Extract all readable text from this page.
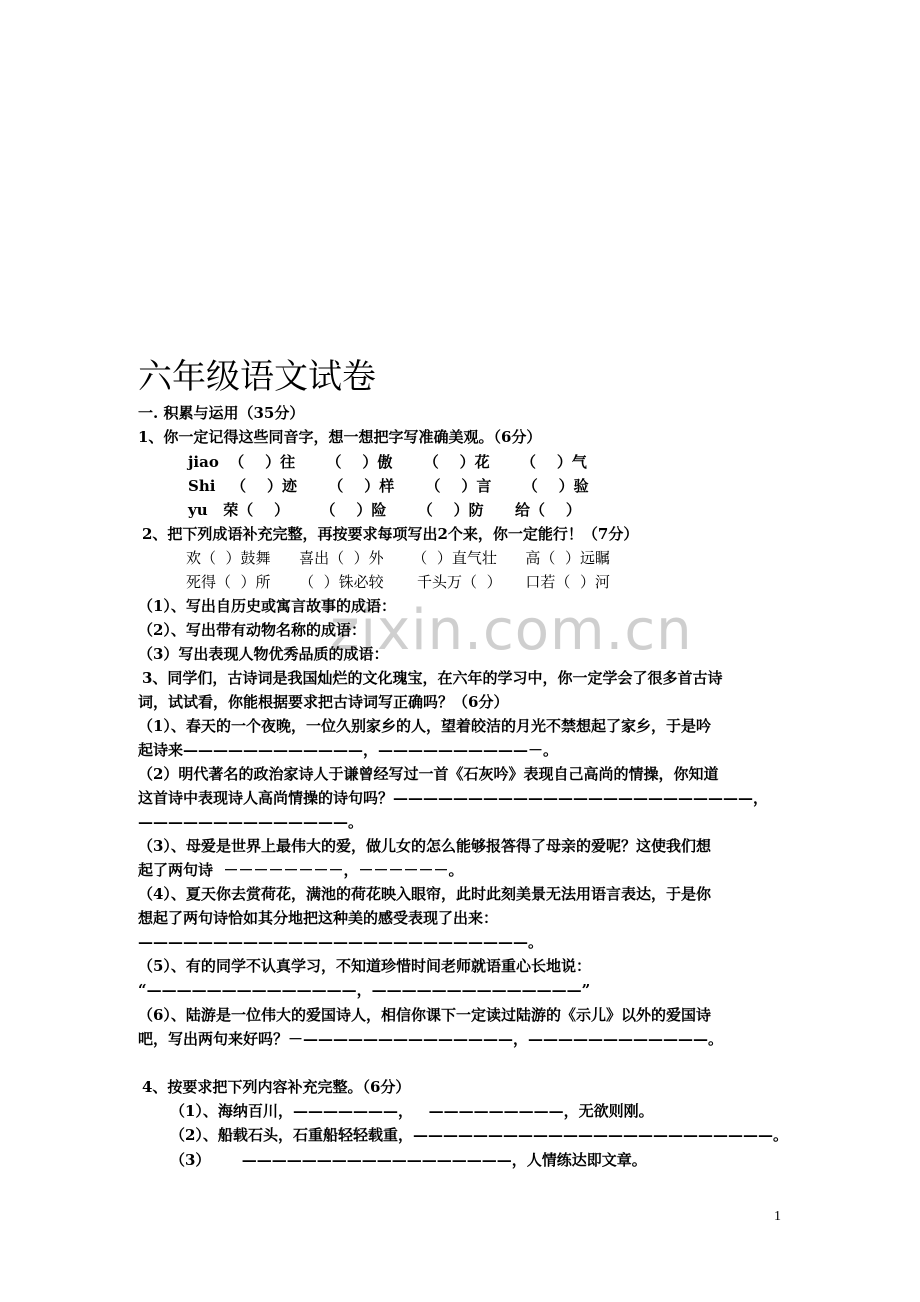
六年级语文试卷
zixin.com.cn
一. 积累与运用（35分）
1、你一定记得这些同音字，想一想把字写准确美观。（6分）
jiao  （    ）往      （    ）傲      （    ）花      （    ）气
Shi   （    ）迹      （    ）样      （    ）言      （    ）验
yu   荣（    ）      （    ）险      （    ）防      给（    ）
2、把下列成语补充完整，再按要求每项写出2个来，你一定能行！（7分）
欢（  ）鼓舞      喜出（  ）外      （  ）直气壮      高（  ）远瞩
死得（  ）所      （  ）铢必较       千头万（  ）     口若（  ）河
（1）、写出自历史或寓言故事的成语：
（2）、写出带有动物名称的成语：
（3）写出表现人物优秀品质的成语：
3、同学们，古诗词是我国灿烂的文化瑰宝，在六年的学习中，你一定学会了很多首古诗
词，试试看，你能根据要求把古诗词写正确吗？（6分）
（1）、春天的一个夜晚，一位久别家乡的人，望着皎洁的月光不禁想起了家乡，于是吟
起诗来————————————，——————————－。
（2）明代著名的政治家诗人于谦曾经写过一首《石灰吟》表现自己高尚的情操，你知道
这首诗中表现诗人高尚情操的诗句吗？————————————————————————，
——————————————。
（3）、母爱是世界上最伟大的爱，做儿女的怎么能够报答得了母亲的爱呢？这使我们想
起了两句诗  －－－－－－－－，－－－－－－。
（4）、夏天你去赏荷花，满池的荷花映入眼帘，此时此刻美景无法用语言表达，于是你
想起了两句诗恰如其分地把这种美的感受表现了出来：
——————————————————————————。
（5）、有的同学不认真学习，不知道珍惜时间老师就语重心长地说：
“——————————————，——————————————”
（6）、陆游是一位伟大的爱国诗人，相信你课下一定读过陆游的《示儿》以外的爱国诗
吧，写出两句来好吗？－——————————————，————————————。
4、按要求把下列内容补充完整。（6分）
（1）、海纳百川，———————，   —————————，无欲则刚。
（2）、船载石头，石重船轻轻载重，————————————————————————。
（3）      ——————————————————，人情练达即文章。
1
